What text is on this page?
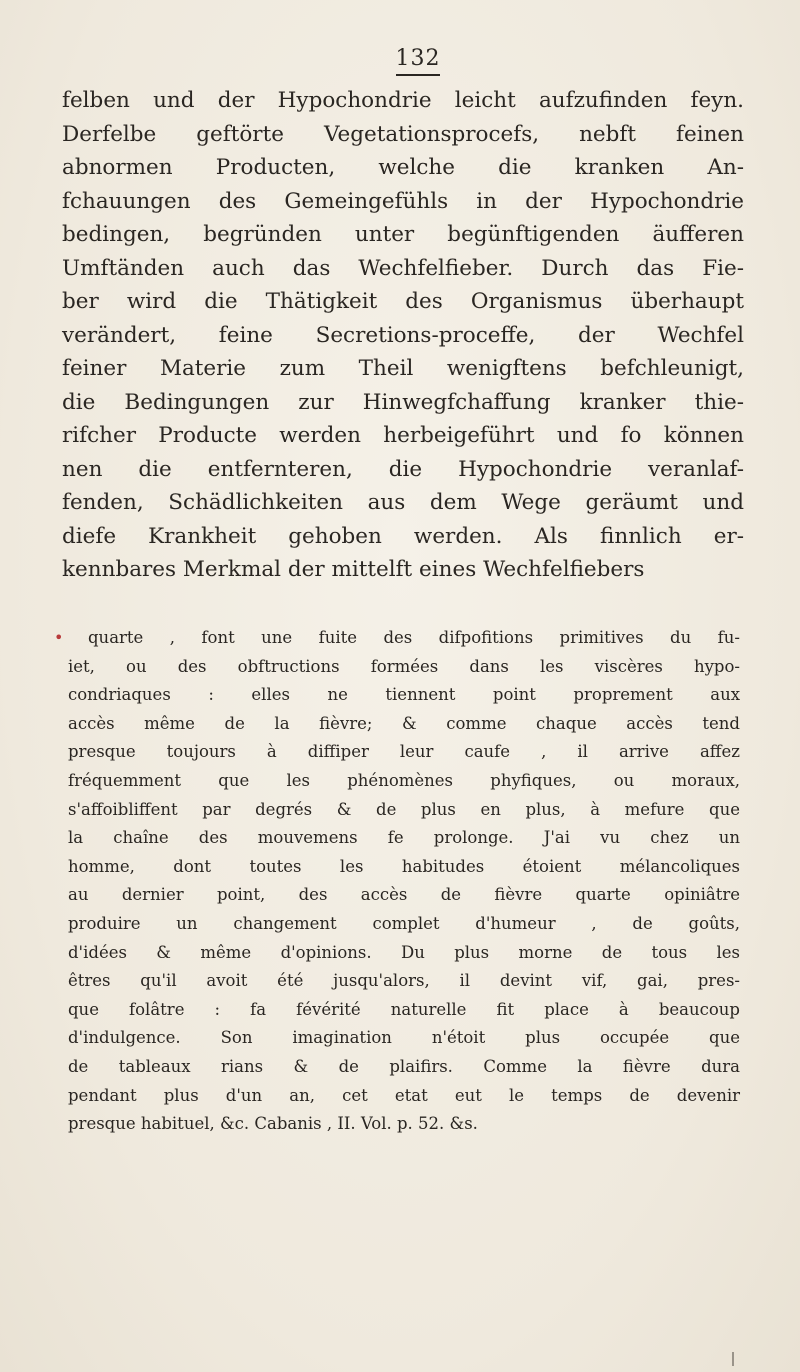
132
felben und der Hypochondrie leicht aufzufinden feyn.
Derfelbe geftörte Vegetationsprocefs, nebft feinen
abnormen Producten, welche die kranken An-
fchauungen des Gemeingefühls in der Hypochondrie
bedingen, begründen unter begünftigenden äufferen
Umftänden auch das Wechfelfieber. Durch das Fie-
ber wird die Thätigkeit des Organismus überhaupt
verändert, feine Secretions-proceffe, der Wechfel
feiner Materie zum Theil wenigftens befchleunigt,
die Bedingungen zur Hinwegfchaffung kranker thie-
rifcher Producte werden herbeigeführt und fo können
nen die entfernteren, die Hypochondrie veranlaf-
fenden, Schädlichkeiten aus dem Wege geräumt und
diefe Krankheit gehoben werden. Als finnlich er-
kennbares Merkmal der mittelft eines Wechfelfiebers
•	quarte , font une fuite des difpofitions primitives du fu-
iet, ou des obftructions formées dans les viscères hypo-
condriaques : elles ne tiennent point proprement aux
accès même de la fièvre; & comme chaque accès tend
presque toujours à diffiper leur caufe , il arrive affez
fréquemment que les phénomènes phyfiques, ou moraux,
s'affoibliffent par degrés & de plus en plus, à mefure que
la chaîne des mouvemens fe prolonge. J'ai vu chez un
homme, dont toutes les habitudes étoient mélancoliques
au dernier point, des accès de fièvre quarte opiniâtre
produire un changement complet d'humeur , de goûts,
d'idées & même d'opinions. Du plus morne de tous les
êtres qu'il avoit été jusqu'alors, il devint vif, gai, pres-
que folâtre : fa févérité naturelle fit place à beaucoup
d'indulgence. Son imagination n'étoit plus occupée que
de tableaux rians & de plaifirs. Comme la fièvre dura
pendant plus d'un an, cet etat eut le temps de devenir
presque habituel, &c. Cabanis , II. Vol. p. 52. &s.
